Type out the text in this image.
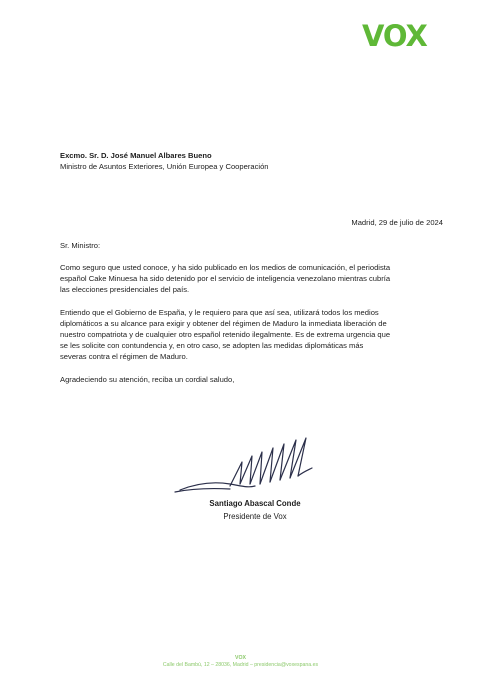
VOX
Excmo. Sr. D. José Manuel Albares Bueno
Ministro de Asuntos Exteriores, Unión Europea y Cooperación
Madrid, 29 de julio de 2024
Sr. Ministro:
Como seguro que usted conoce, y ha sido publicado en los medios de comunicación, el periodista
español Cake Minuesa ha sido detenido por el servicio de inteligencia venezolano mientras cubría
las elecciones presidenciales del país.
Entiendo que el Gobierno de España, y le requiero para que así sea, utilizará todos los medios
diplomáticos a su alcance para exigir y obtener del régimen de Maduro la inmediata liberación de
nuestro compatriota y de cualquier otro español retenido ilegalmente. Es de extrema urgencia que
se les solicite con contundencia y, en otro caso, se adopten las medidas diplomáticas más
severas contra el régimen de Maduro.
Agradeciendo su atención, reciba un cordial saludo,
Santiago Abascal Conde
Presidente de Vox
VOX
Calle del Bambú, 12 – 28036, Madrid – presidencia@voxespana.es
